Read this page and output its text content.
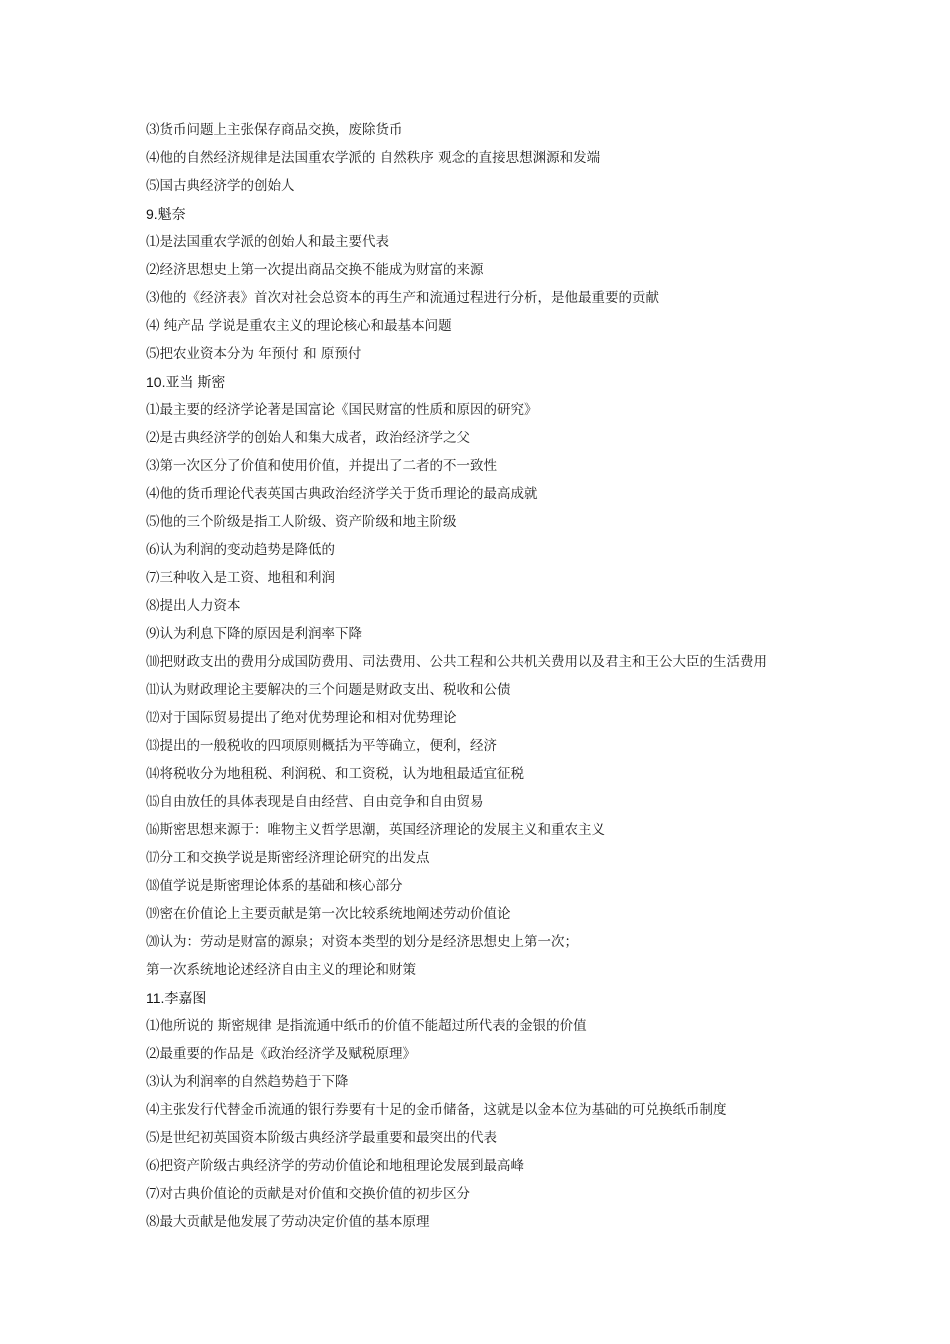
⑶货币问题上主张保存商品交换，废除货币
⑷他的自然经济规律是法国重农学派的 自然秩序 观念的直接思想渊源和发端
⑸国古典经济学的创始人
9.魁奈
⑴是法国重农学派的创始人和最主要代表
⑵经济思想史上第一次提出商品交换不能成为财富的来源
⑶他的《经济表》首次对社会总资本的再生产和流通过程进行分析，是他最重要的贡献
⑷ 纯产品 学说是重农主义的理论核心和最基本问题
⑸把农业资本分为 年预付 和 原预付
10.亚当 斯密
⑴最主要的经济学论著是国富论《国民财富的性质和原因的研究》
⑵是古典经济学的创始人和集大成者，政治经济学之父
⑶第一次区分了价值和使用价值，并提出了二者的不一致性
⑷他的货币理论代表英国古典政治经济学关于货币理论的最高成就
⑸他的三个阶级是指工人阶级、资产阶级和地主阶级
⑹认为利润的变动趋势是降低的
⑺三种收入是工资、地租和利润
⑻提出人力资本
⑼认为利息下降的原因是利润率下降
⑽把财政支出的费用分成国防费用、司法费用、公共工程和公共机关费用以及君主和王公大臣的生活费用
⑾认为财政理论主要解决的三个问题是财政支出、税收和公债
⑿对于国际贸易提出了绝对优势理论和相对优势理论
⒀提出的一般税收的四项原则概括为平等确立，便利，经济
⒁将税收分为地租税、利润税、和工资税，认为地租最适宜征税
⒂自由放任的具体表现是自由经营、自由竞争和自由贸易
⒃斯密思想来源于：唯物主义哲学思潮，英国经济理论的发展主义和重农主义
⒄分工和交换学说是斯密经济理论研究的出发点
⒅值学说是斯密理论体系的基础和核心部分
⒆密在价值论上主要贡献是第一次比较系统地阐述劳动价值论
⒇认为：劳动是财富的源泉；对资本类型的划分是经济思想史上第一次；
第一次系统地论述经济自由主义的理论和财策
11.李嘉图
⑴他所说的 斯密规律 是指流通中纸币的价值不能超过所代表的金银的价值
⑵最重要的作品是《政治经济学及赋税原理》
⑶认为利润率的自然趋势趋于下降
⑷主张发行代替金币流通的银行券要有十足的金币储备，这就是以金本位为基础的可兑换纸币制度
⑸是世纪初英国资本阶级古典经济学最重要和最突出的代表
⑹把资产阶级古典经济学的劳动价值论和地租理论发展到最高峰
⑺对古典价值论的贡献是对价值和交换价值的初步区分
⑻最大贡献是他发展了劳动决定价值的基本原理
